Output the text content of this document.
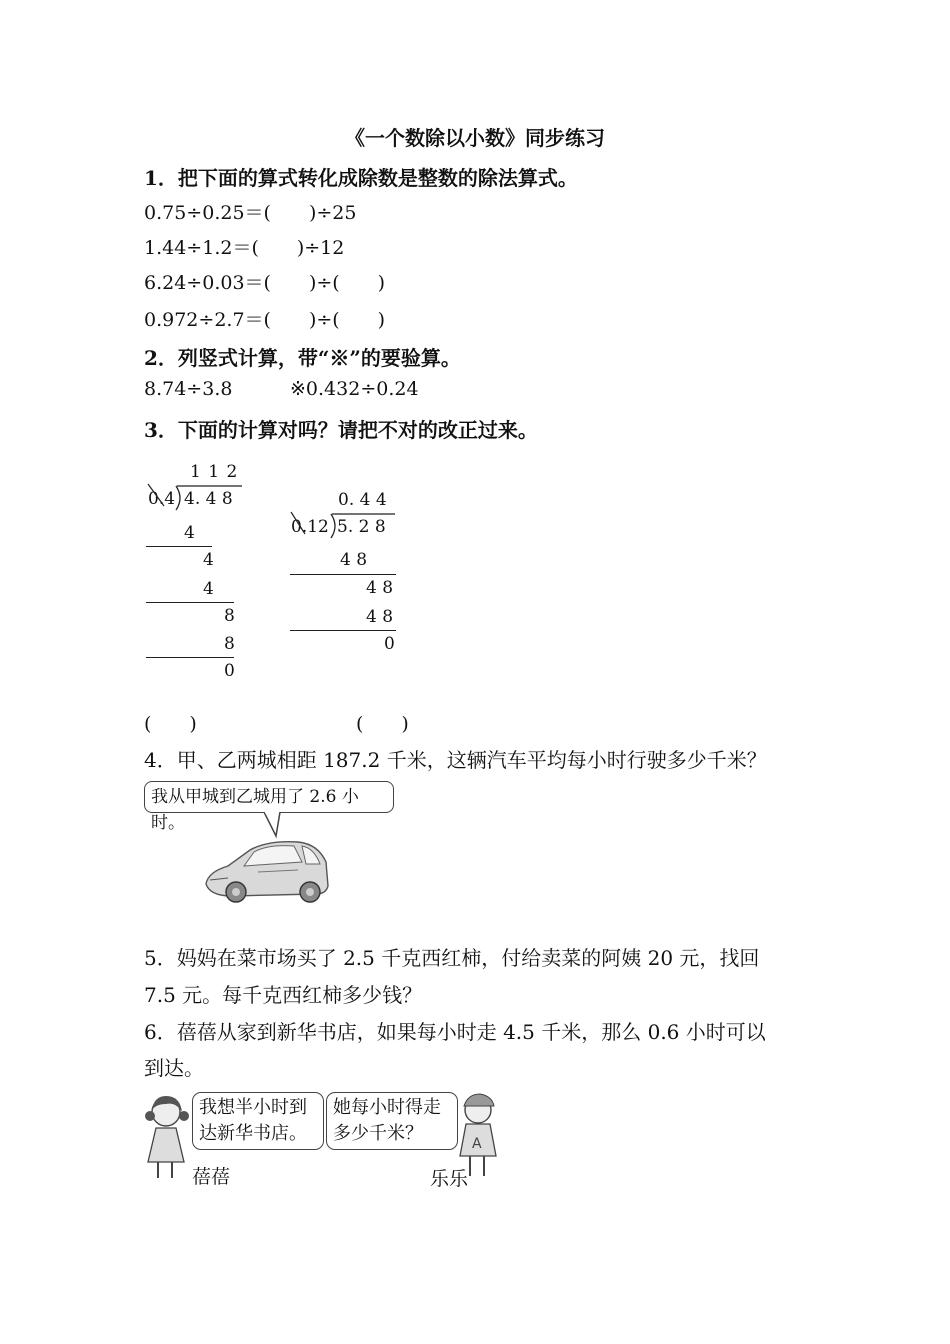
《一个数除以小数》同步练习
1．把下面的算式转化成除数是整数的除法算式。
0.75÷0.25＝(　　)÷25
1.44÷1.2＝(　　)÷12
6.24÷0.03＝(　　)÷(　　)
0.972÷2.7＝(　　)÷(　　)
2．列竖式计算，带“※”的要验算。
8.74÷3.8	※0.432÷0.24
3．下面的计算对吗？请把不对的改正过来。
1 1 2
0.4 4. 4 8
4
4
4
8
8
0
0. 4 4
0.12 5. 2 8
4 8
4 8
4 8
0
(　　)	(　　)
4．甲、乙两城相距 187.2 千米，这辆汽车平均每小时行驶多少千米？
我从甲城到乙城用了 2.6 小时。
5．妈妈在菜市场买了 2.5 千克西红柿，付给卖菜的阿姨 20 元，找回
7.5 元。每千克西红柿多少钱？
6．蓓蓓从家到新华书店，如果每小时走 4.5 千米，那么 0.6 小时可以
到达。
我想半小时到
达新华书店。
她每小时得走
多少千米？	A
蓓蓓	乐乐
